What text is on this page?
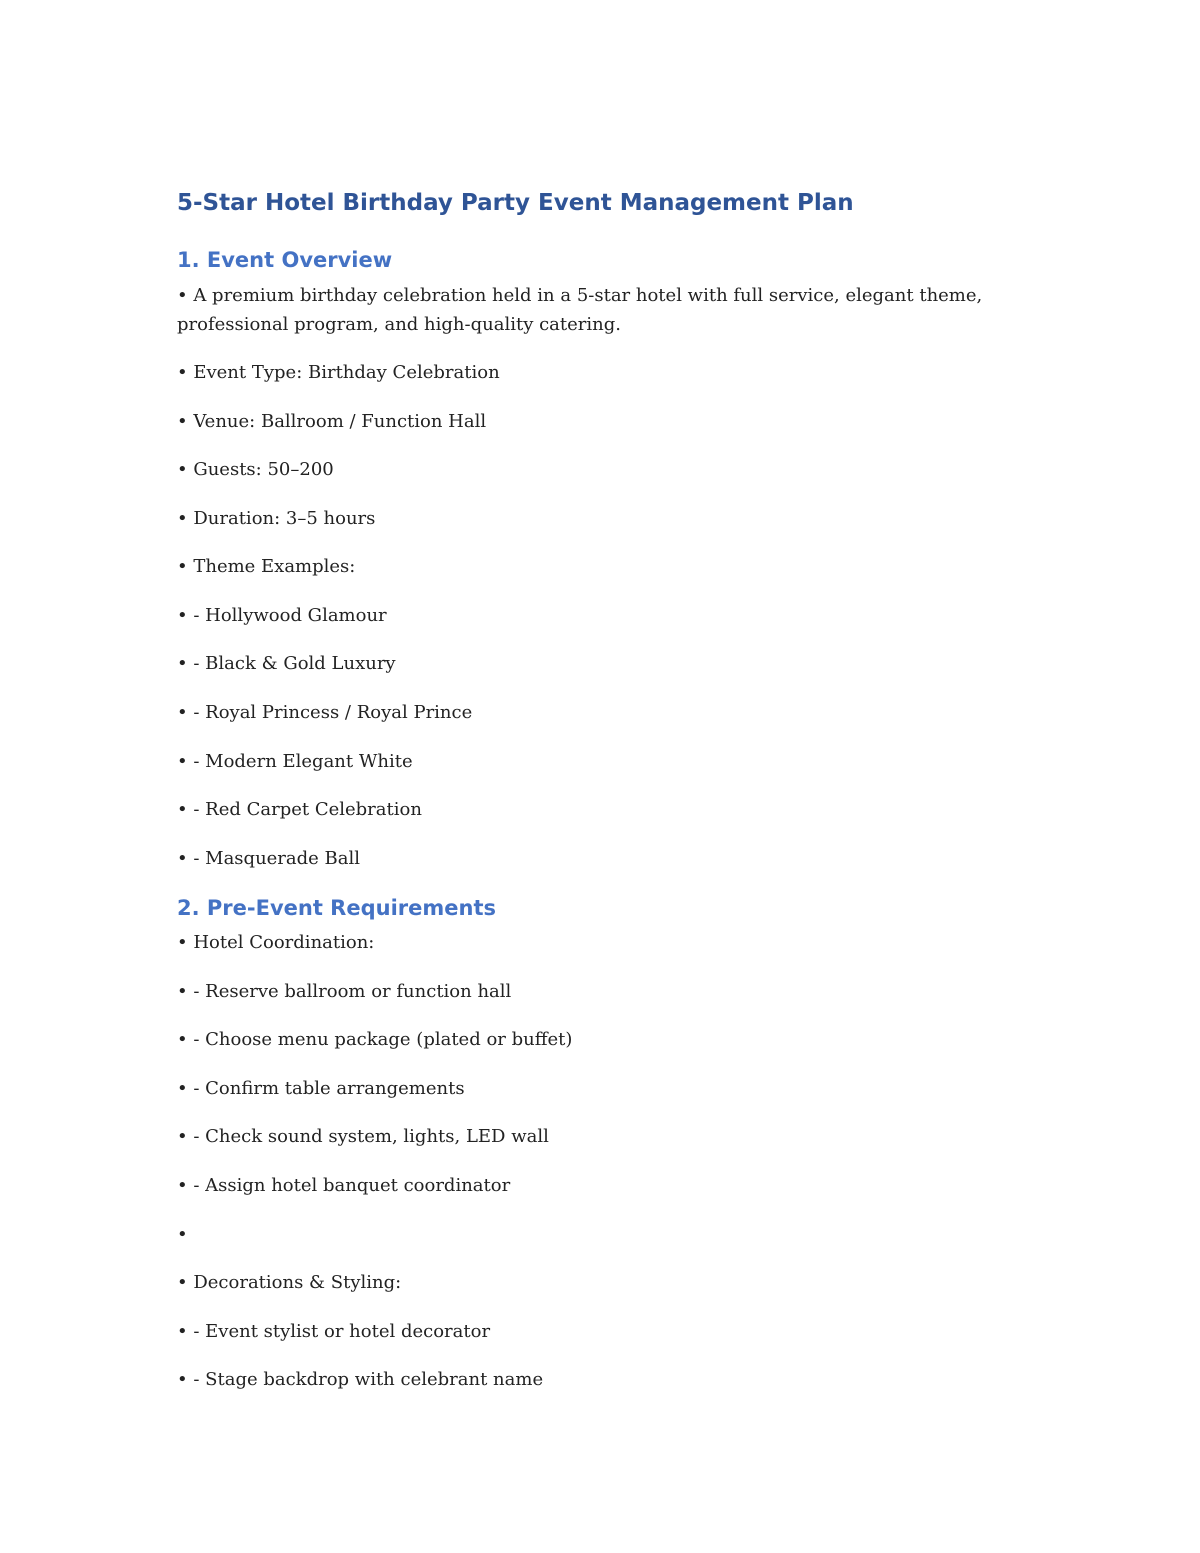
5-Star Hotel Birthday Party Event Management Plan
1. Event Overview

• A premium birthday celebration held in a 5-star hotel with full service, elegant theme,

professional program, and high-quality catering.

• Event Type: Birthday Celebration

• Venue: Ballroom / Function Hall

• Guests: 50–200

• Duration: 3–5 hours

• Theme Examples:

• - Hollywood Glamour

• - Black & Gold Luxury

• - Royal Princess / Royal Prince

• - Modern Elegant White

• - Red Carpet Celebration

• - Masquerade Ball

2. Pre-Event Requirements

• Hotel Coordination:

• - Reserve ballroom or function hall

• - Choose menu package (plated or buffet)

• - Confirm table arrangements

• - Check sound system, lights, LED wall

• - Assign hotel banquet coordinator

•

• Decorations & Styling:

• - Event stylist or hotel decorator

• - Stage backdrop with celebrant name
